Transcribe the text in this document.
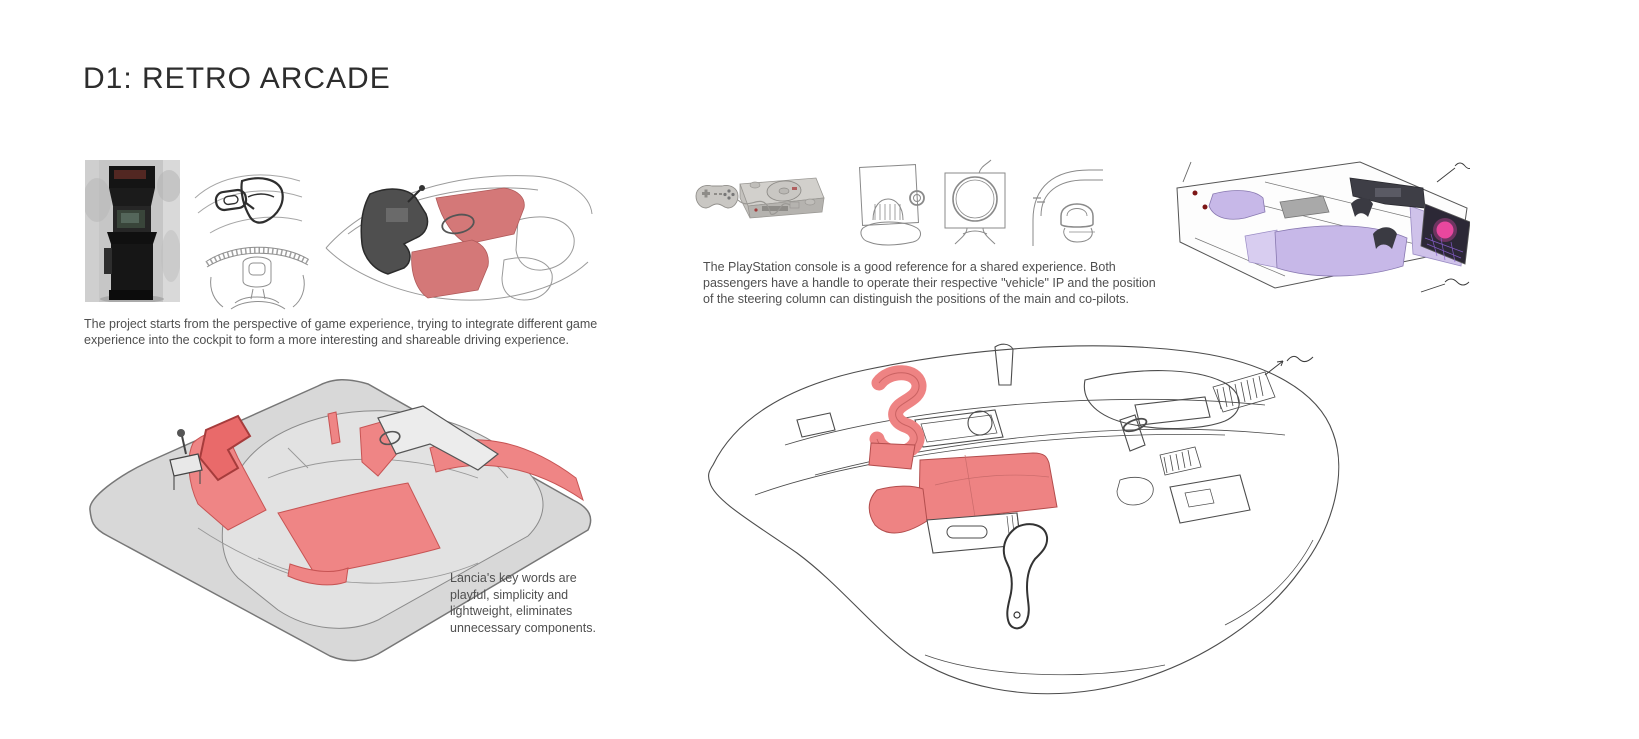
D1: RETRO ARCADE
The project starts from the perspective of game experience, trying to integrate different game
experience into the cockpit to form a more interesting and shareable driving experience.
Lancia's key words are
playful, simplicity and
lightweight, eliminates
unnecessary components.
The PlayStation console is a good reference for a shared experience. Both
passengers have a handle to operate their respective "vehicle" IP and the position
of the steering column can distinguish the positions of the main and co-pilots.
